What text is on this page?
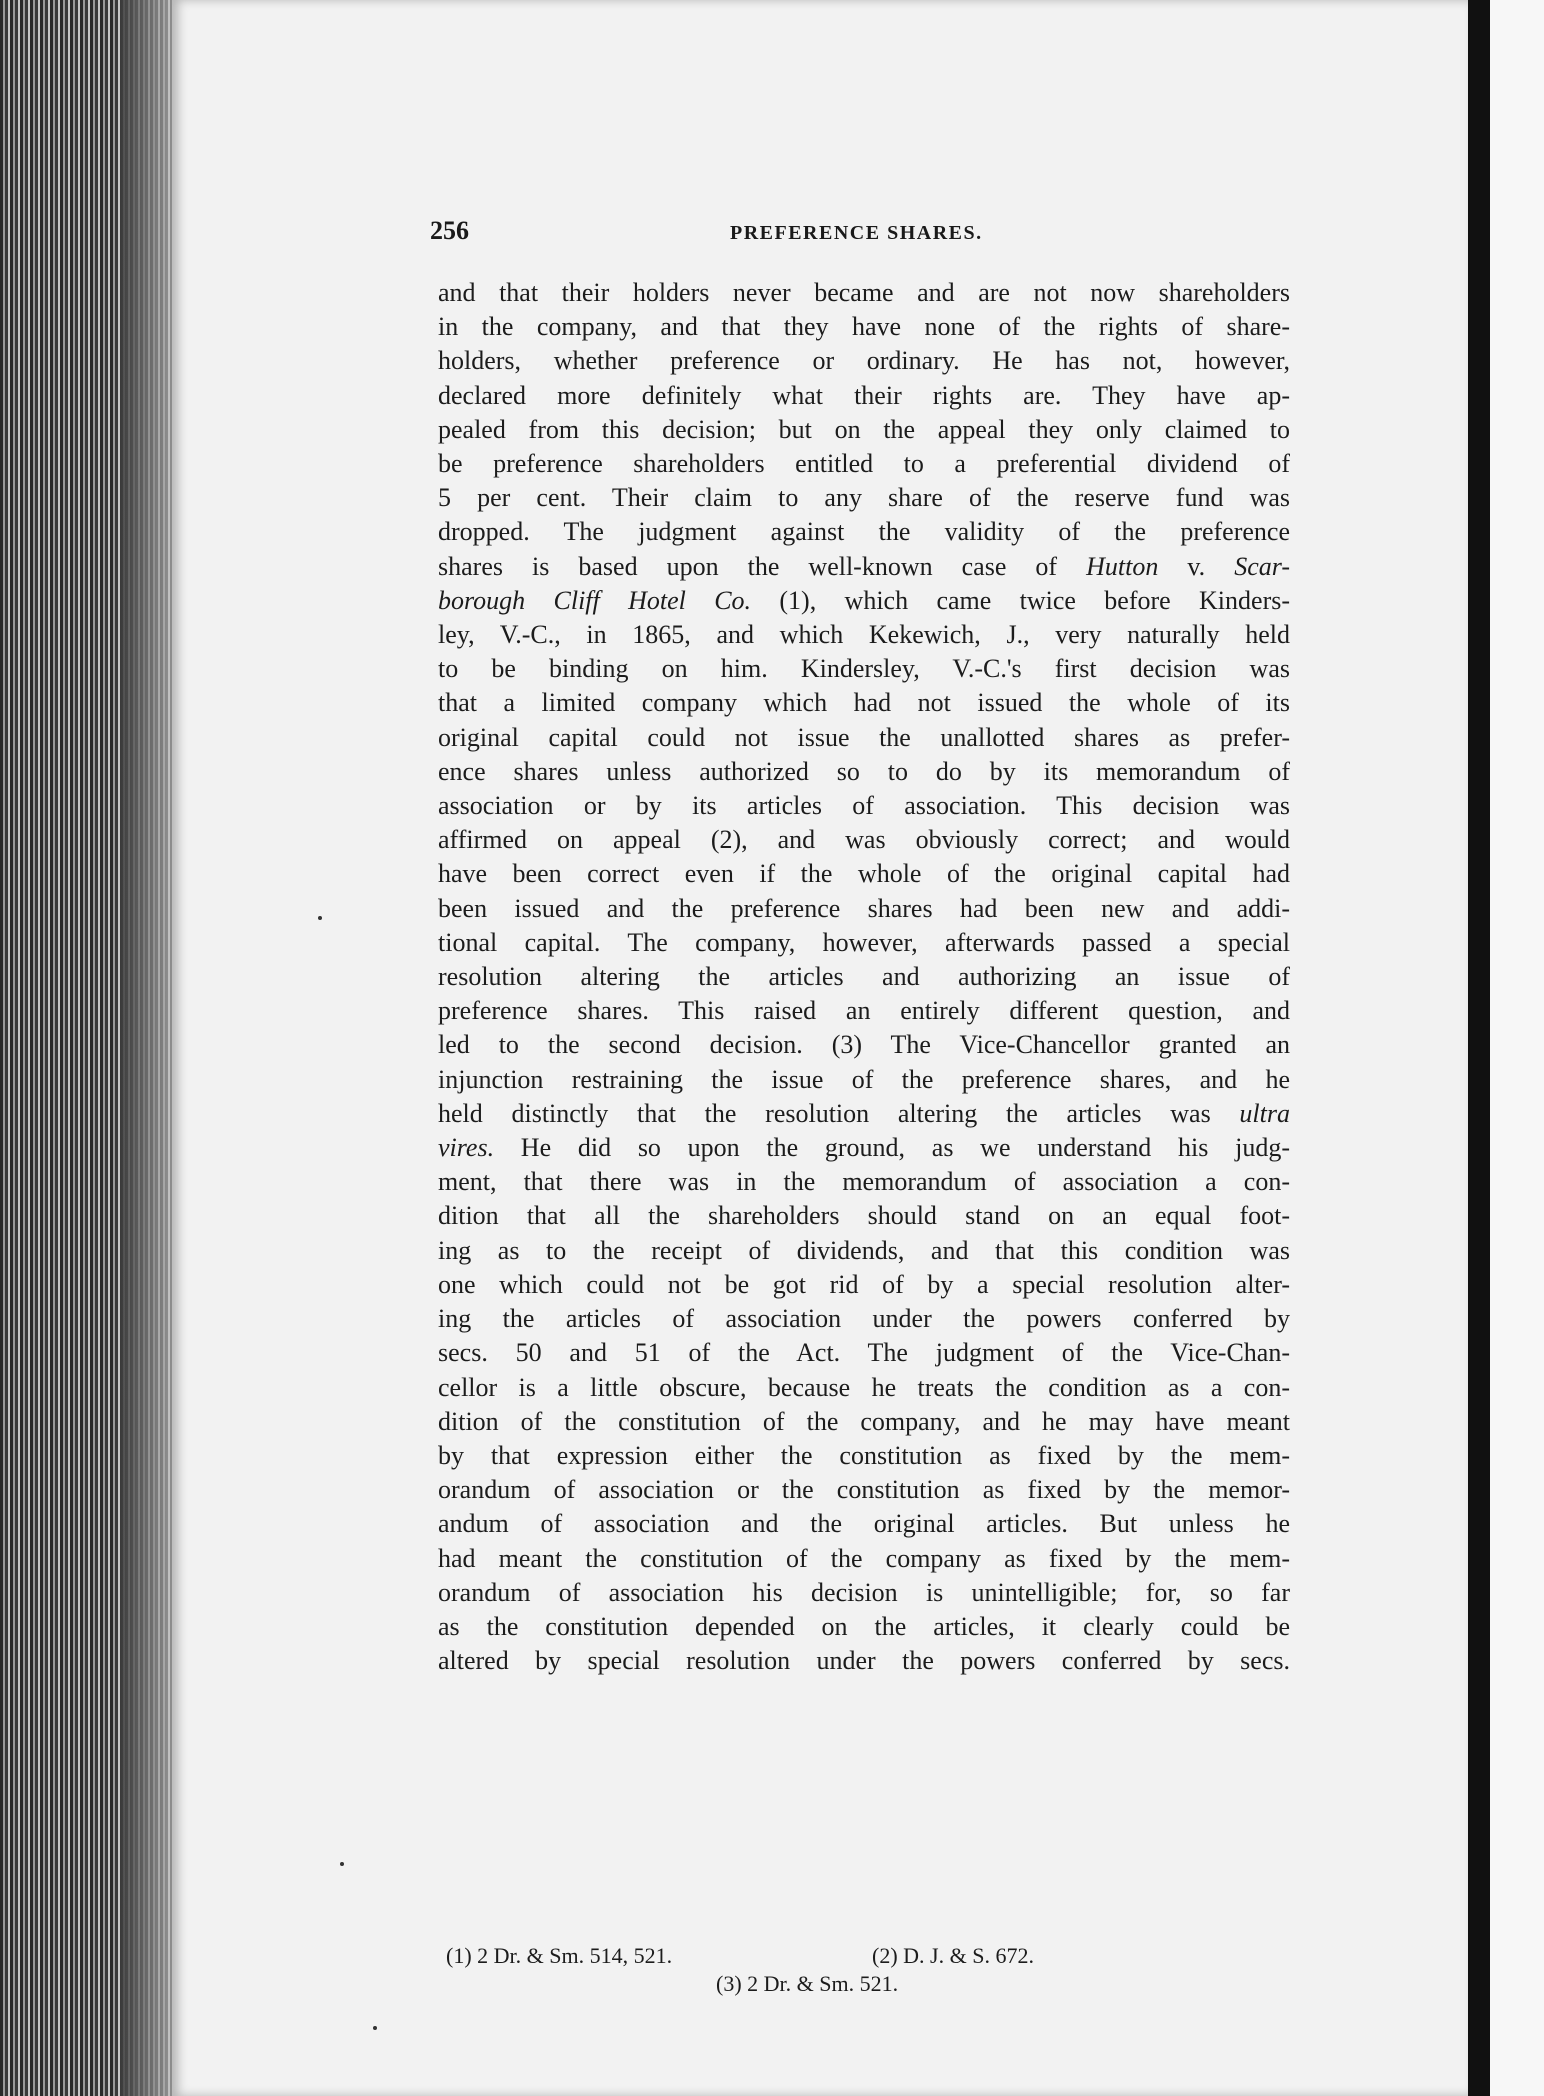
256	PREFERENCE SHARES.
and that their holders never became and are not now shareholders
in the company, and that they have none of the rights of share-
holders, whether preference or ordinary. He has not, however,
declared more definitely what their rights are. They have ap-
pealed from this decision; but on the appeal they only claimed to
be preference shareholders entitled to a preferential dividend of
5 per cent. Their claim to any share of the reserve fund was
dropped. The judgment against the validity of the preference
shares is based upon the well-known case of Hutton v. Scar-
borough Cliff Hotel Co. (1), which came twice before Kinders-
ley, V.-C., in 1865, and which Kekewich, J., very naturally held
to be binding on him. Kindersley, V.-C.'s first decision was
that a limited company which had not issued the whole of its
original capital could not issue the unallotted shares as prefer-
ence shares unless authorized so to do by its memorandum of
association or by its articles of association. This decision was
affirmed on appeal (2), and was obviously correct; and would
have been correct even if the whole of the original capital had
been issued and the preference shares had been new and addi-
tional capital. The company, however, afterwards passed a special
resolution altering the articles and authorizing an issue of
preference shares. This raised an entirely different question, and
led to the second decision. (3) The Vice-Chancellor granted an
injunction restraining the issue of the preference shares, and he
held distinctly that the resolution altering the articles was ultra
vires. He did so upon the ground, as we understand his judg-
ment, that there was in the memorandum of association a con-
dition that all the shareholders should stand on an equal foot-
ing as to the receipt of dividends, and that this condition was
one which could not be got rid of by a special resolution alter-
ing the articles of association under the powers conferred by
secs. 50 and 51 of the Act. The judgment of the Vice-Chan-
cellor is a little obscure, because he treats the condition as a con-
dition of the constitution of the company, and he may have meant
by that expression either the constitution as fixed by the mem-
orandum of association or the constitution as fixed by the memor-
andum of association and the original articles. But unless he
had meant the constitution of the company as fixed by the mem-
orandum of association his decision is unintelligible; for, so far
as the constitution depended on the articles, it clearly could be
altered by special resolution under the powers conferred by secs.
(1) 2 Dr. & Sm. 514, 521.	(2) D. J. & S. 672.
(3) 2 Dr. & Sm. 521.
